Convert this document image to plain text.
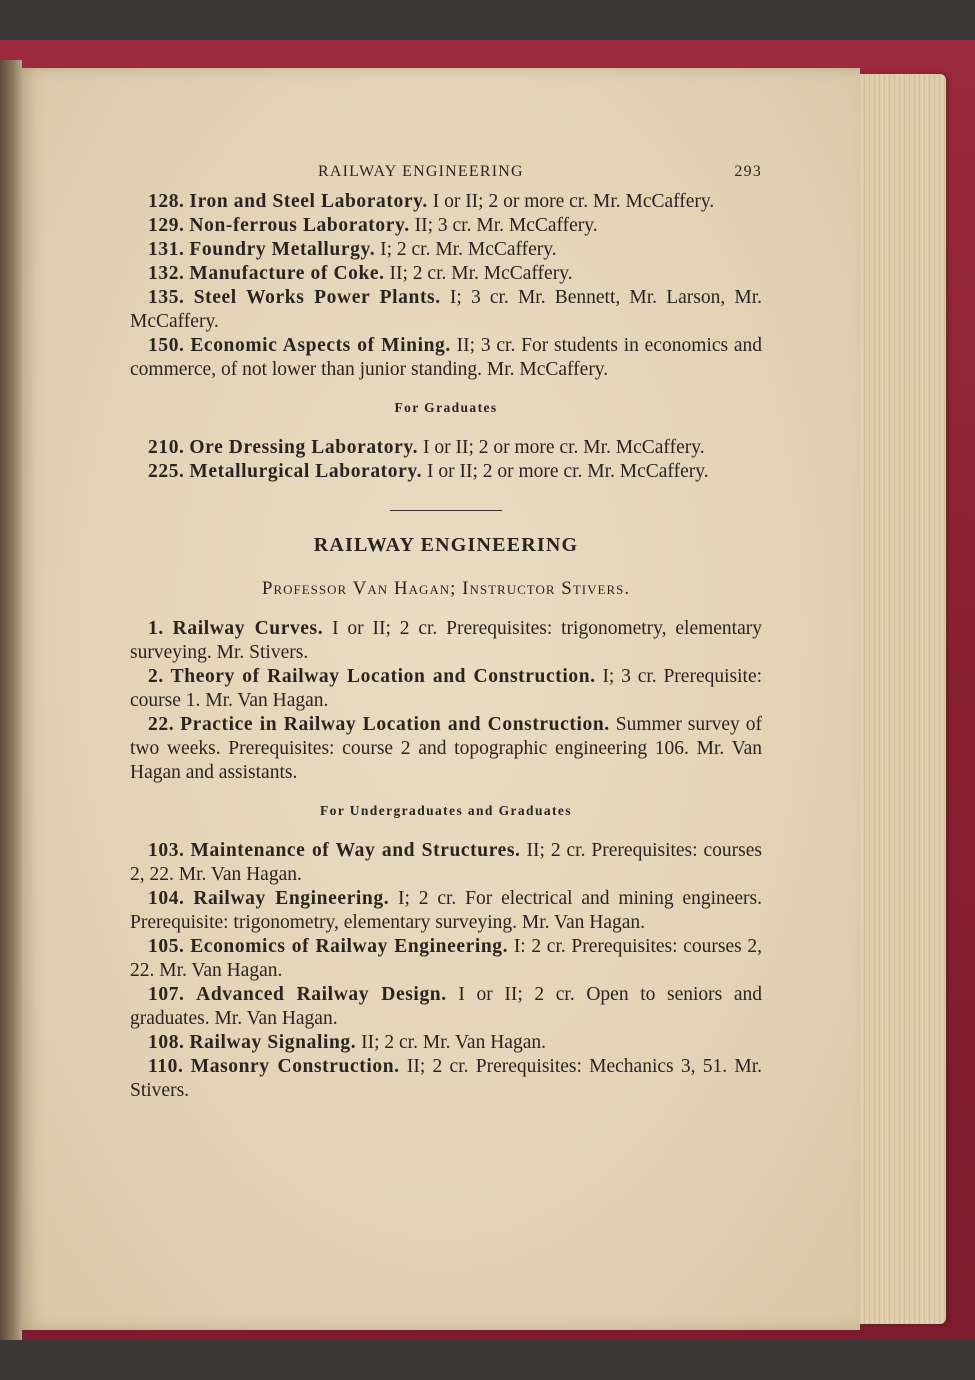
RAILWAY ENGINEERING	293

128. Iron and Steel Laboratory. I or II; 2 or more cr. Mr. McCaffery.

129. Non-ferrous Laboratory. II; 3 cr. Mr. McCaffery.

131. Foundry Metallurgy. I; 2 cr. Mr. McCaffery.

132. Manufacture of Coke. II; 2 cr. Mr. McCaffery.

135. Steel Works Power Plants. I; 3 cr. Mr. Bennett, Mr. Larson, Mr. McCaffery.

150. Economic Aspects of Mining. II; 3 cr. For students in economics and commerce, of not lower than junior standing. Mr. McCaffery.

For Graduates

210. Ore Dressing Laboratory. I or II; 2 or more cr. Mr. McCaffery.

225. Metallurgical Laboratory. I or II; 2 or more cr. Mr. McCaffery.

RAILWAY ENGINEERING
Professor Van Hagan; Instructor Stivers.

1. Railway Curves. I or II; 2 cr. Prerequisites: trigonometry, elementary surveying. Mr. Stivers.

2. Theory of Railway Location and Construction. I; 3 cr. Prerequisite: course 1. Mr. Van Hagan.

22. Practice in Railway Location and Construction. Summer survey of two weeks. Prerequisites: course 2 and topographic engineering 106. Mr. Van Hagan and assistants.

For Undergraduates and Graduates

103. Maintenance of Way and Structures. II; 2 cr. Prerequisites: courses 2, 22. Mr. Van Hagan.

104. Railway Engineering. I; 2 cr. For electrical and mining engineers. Prerequisite: trigonometry, elementary surveying. Mr. Van Hagan.

105. Economics of Railway Engineering. I: 2 cr. Prerequisites: courses 2, 22. Mr. Van Hagan.

107. Advanced Railway Design. I or II; 2 cr. Open to seniors and graduates. Mr. Van Hagan.

108. Railway Signaling. II; 2 cr. Mr. Van Hagan.

110. Masonry Construction. II; 2 cr. Prerequisites: Mechanics 3, 51. Mr. Stivers.
